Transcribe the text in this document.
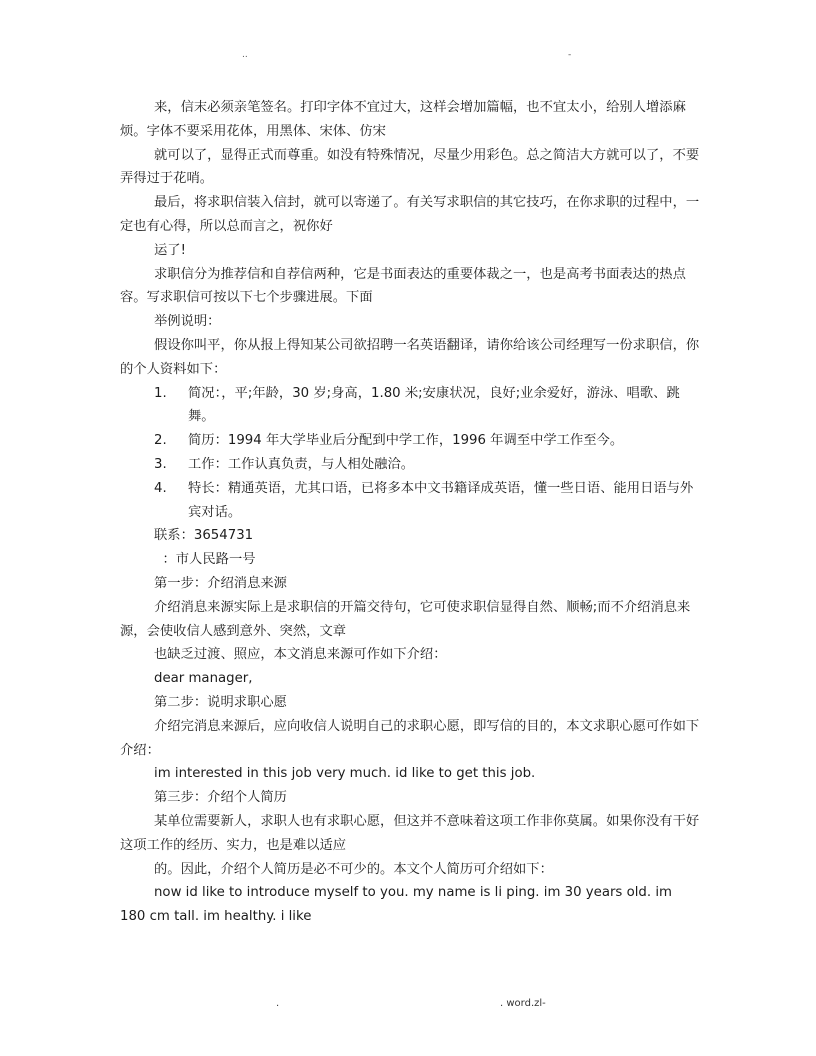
..	-

来，信末必须亲笔签名。打印字体不宜过大，这样会增加篇幅，也不宜太小，给别人增添麻烦。字体不要采用花体，用黑体、宋体、仿宋

就可以了，显得正式而尊重。如没有特殊情况，尽量少用彩色。总之简洁大方就可以了，不要弄得过于花哨。

最后，将求职信装入信封，就可以寄递了。有关写求职信的其它技巧，在你求职的过程中，一定也有心得，所以总而言之，祝你好

运了!

求职信分为推荐信和自荐信两种，它是书面表达的重要体裁之一，也是高考书面表达的热点容。写求职信可按以下七个步骤进展。下面

举例说明：

假设你叫平，你从报上得知某公司欲招聘一名英语翻译，请你给该公司经理写一份求职信，你的个人资料如下：

1. 简况：，平;年龄，30 岁;身高，1.80 米;安康状况，良好;业余爱好，游泳、唱歌、跳舞。
2. 简历：1994 年大学毕业后分配到中学工作，1996 年调至中学工作至今。
3. 工作：工作认真负责，与人相处融洽。
4. 特长：精通英语，尤其口语，已将多本中文书籍译成英语，懂一些日语、能用日语与外宾对话。

联系：3654731

：市人民路一号

第一步：介绍消息来源

介绍消息来源实际上是求职信的开篇交待句，它可使求职信显得自然、顺畅;而不介绍消息来源，会使收信人感到意外、突然，文章

也缺乏过渡、照应，本文消息来源可作如下介绍：

dear manager,

第二步：说明求职心愿

介绍完消息来源后，应向收信人说明自己的求职心愿，即写信的目的，本文求职心愿可作如下介绍：

im interested in this job very much. id like to get this job.

第三步：介绍个人简历

某单位需要新人，求职人也有求职心愿，但这并不意味着这项工作非你莫属。如果你没有干好这项工作的经历、实力，也是难以适应

的。因此，介绍个人简历是必不可少的。本文个人简历可介绍如下：

now id like to introduce myself to you. my name is li ping. im 30 years old. im 180 cm tall. im healthy. i like

.	. word.zl-
